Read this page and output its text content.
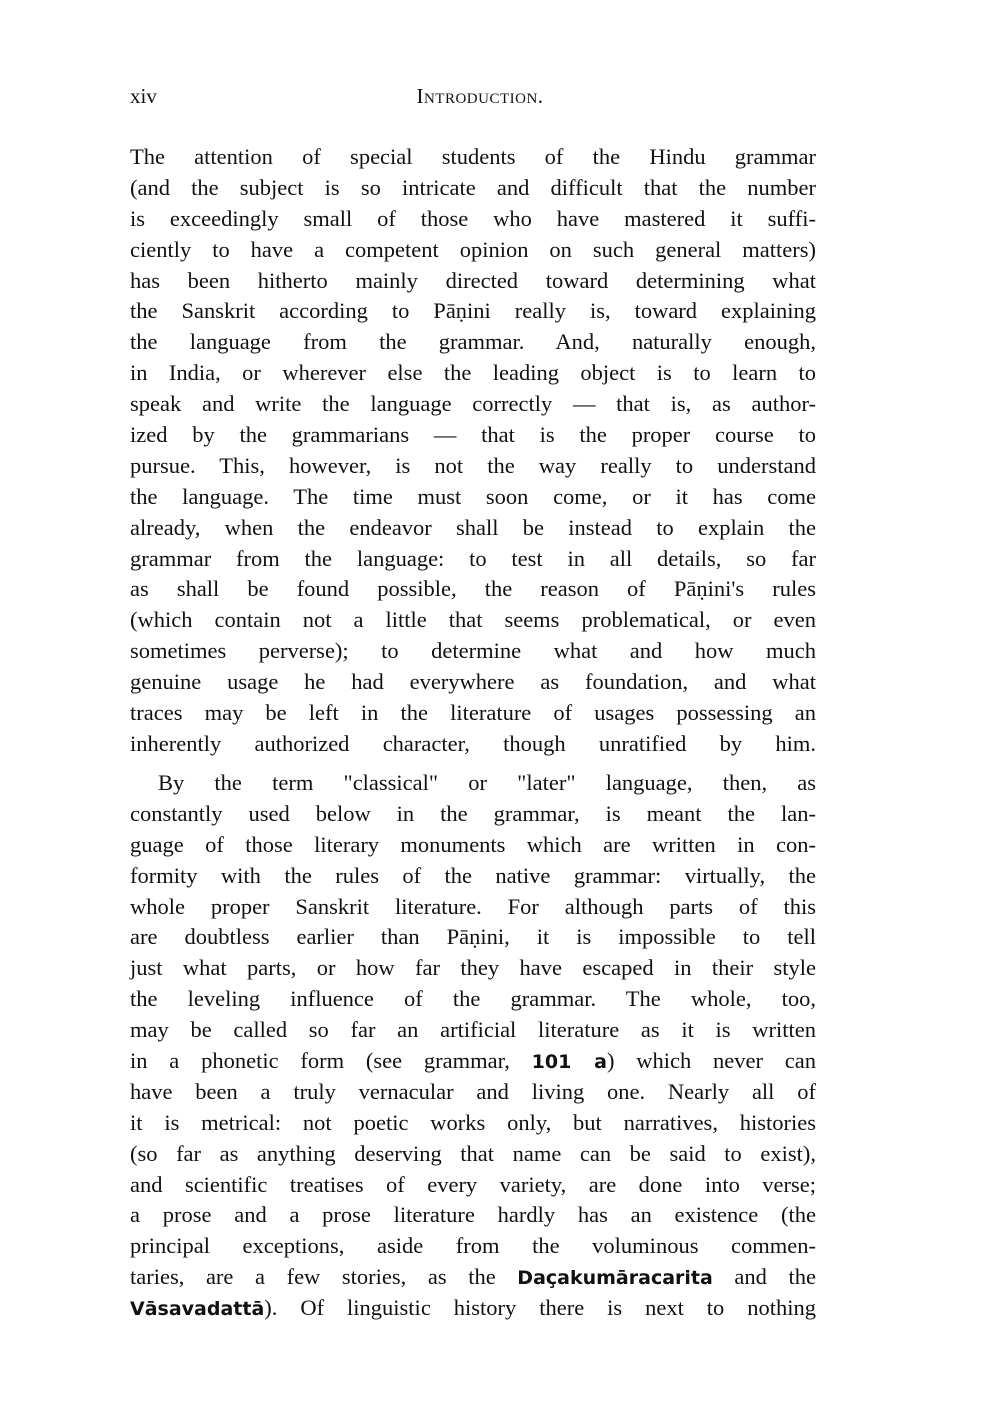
xiv	Introduction.
The attention of special students of the Hindu grammar
(and the subject is so intricate and difficult that the number
is exceedingly small of those who have mastered it suffi-
ciently to have a competent opinion on such general matters)
has been hitherto mainly directed toward determining what
the Sanskrit according to Pāṇini really is, toward explaining
the language from the grammar. And, naturally enough,
in India, or wherever else the leading object is to learn to
speak and write the language correctly — that is, as author-
ized by the grammarians — that is the proper course to
pursue. This, however, is not the way really to understand
the language. The time must soon come, or it has come
already, when the endeavor shall be instead to explain the
grammar from the language: to test in all details, so far
as shall be found possible, the reason of Pāṇini's rules
(which contain not a little that seems problematical, or even
sometimes perverse); to determine what and how much
genuine usage he had everywhere as foundation, and what
traces may be left in the literature of usages possessing an
inherently authorized character, though unratified by him.
By the term "classical" or "later" language, then, as
constantly used below in the grammar, is meant the lan-
guage of those literary monuments which are written in con-
formity with the rules of the native grammar: virtually, the
whole proper Sanskrit literature. For although parts of this
are doubtless earlier than Pāṇini, it is impossible to tell
just what parts, or how far they have escaped in their style
the leveling influence of the grammar. The whole, too,
may be called so far an artificial literature as it is written
in a phonetic form (see grammar, 101 a) which never can
have been a truly vernacular and living one. Nearly all of
it is metrical: not poetic works only, but narratives, histories
(so far as anything deserving that name can be said to exist),
and scientific treatises of every variety, are done into verse;
a prose and a prose literature hardly has an existence (the
principal exceptions, aside from the voluminous commen-
taries, are a few stories, as the Daçakumāracarita and the
Vāsavadattā). Of linguistic history there is next to nothing
